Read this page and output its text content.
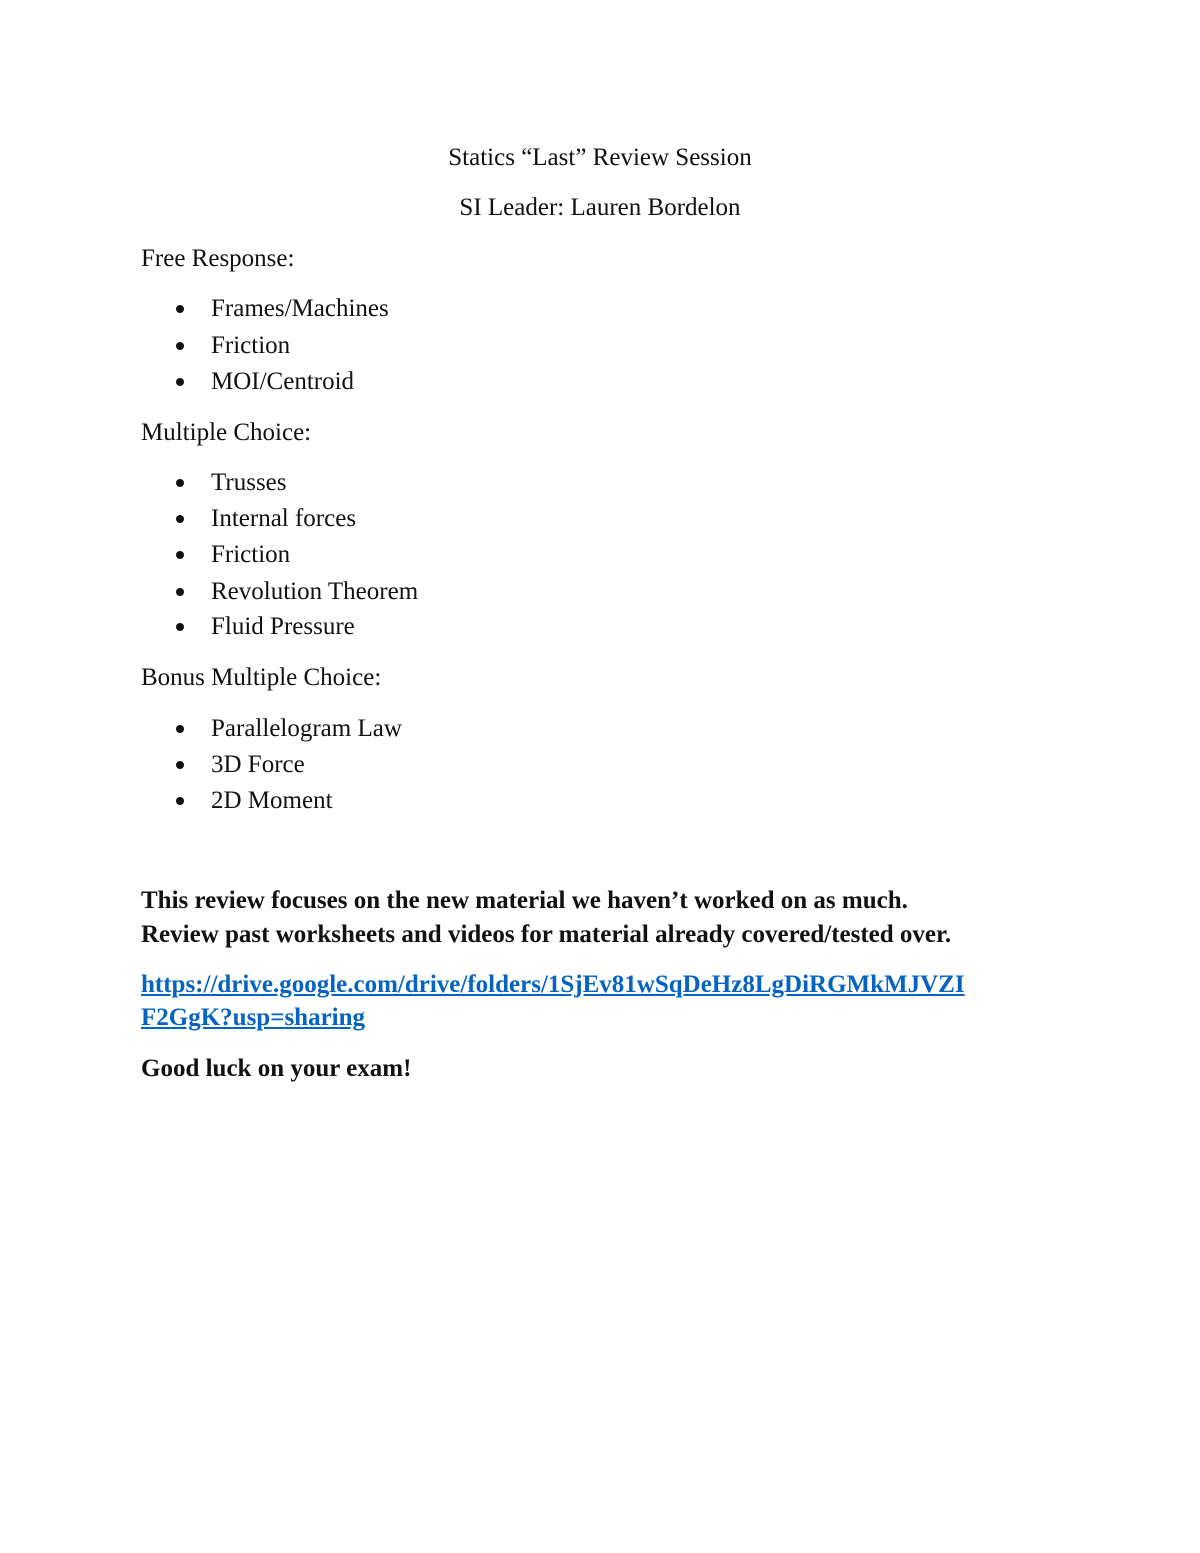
Statics “Last” Review Session
SI Leader: Lauren Bordelon
Free Response:
Frames/Machines
Friction
MOI/Centroid
Multiple Choice:
Trusses
Internal forces
Friction
Revolution Theorem
Fluid Pressure
Bonus Multiple Choice:
Parallelogram Law
3D Force
2D Moment
This review focuses on the new material we haven’t worked on as much.
Review past worksheets and videos for material already covered/tested over.
https://drive.google.com/drive/folders/1SjEv81wSqDeHz8LgDiRGMkMJVZI
F2GgK?usp=sharing
Good luck on your exam!
